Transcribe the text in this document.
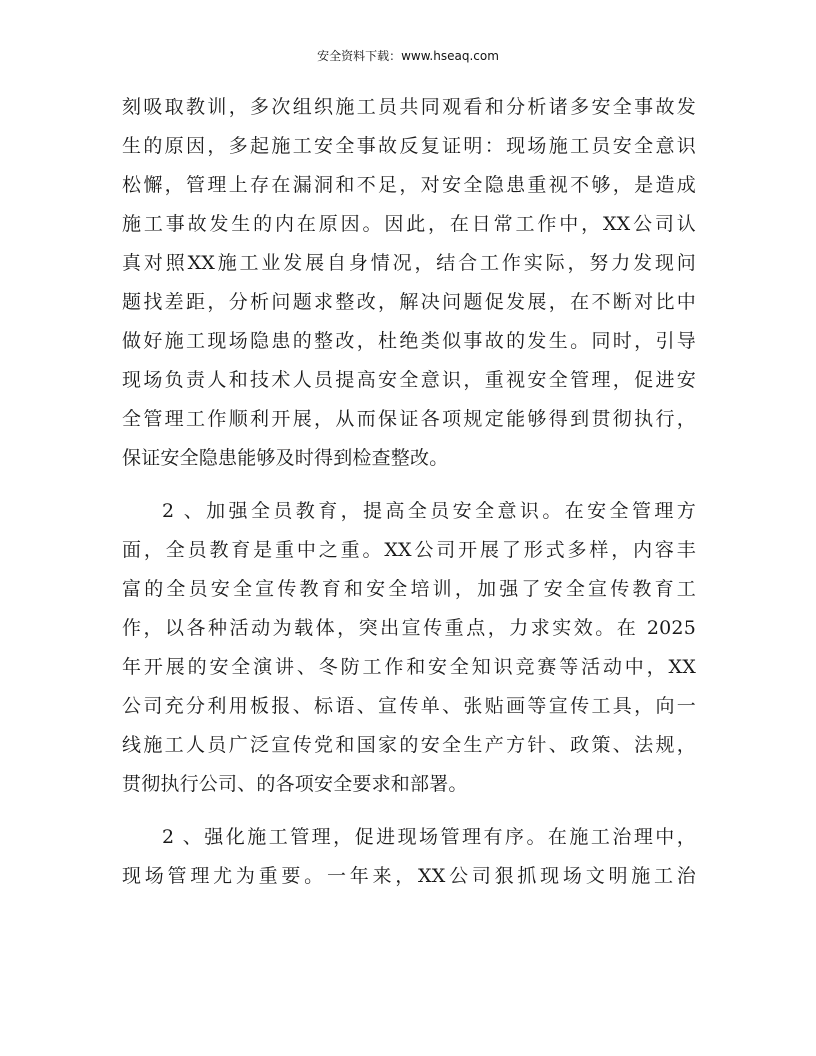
安全资料下载：www.hseaq.com
刻吸取教训，多次组织施工员共同观看和分析诸多安全事故发
生的原因，多起施工安全事故反复证明：现场施工员安全意识
松懈，管理上存在漏洞和不足，对安全隐患重视不够，是造成
施工事故发生的内在原因。因此，在日常工作中，XX公司认
真对照XX施工业发展自身情况，结合工作实际，努力发现问
题找差距，分析问题求整改，解决问题促发展，在不断对比中
做好施工现场隐患的整改，杜绝类似事故的发生。同时，引导
现场负责人和技术人员提高安全意识，重视安全管理，促进安
全管理工作顺利开展，从而保证各项规定能够得到贯彻执行，
保证安全隐患能够及时得到检查整改。
2 、加强全员教育，提高全员安全意识。在安全管理方
面，全员教育是重中之重。XX公司开展了形式多样，内容丰
富的全员安全宣传教育和安全培训，加强了安全宣传教育工
作，以各种活动为载体，突出宣传重点，力求实效。在 2025
年开展的安全演讲、冬防工作和安全知识竞赛等活动中，XX
公司充分利用板报、标语、宣传单、张贴画等宣传工具，向一
线施工人员广泛宣传党和国家的安全生产方针、政策、法规，
贯彻执行公司、的各项安全要求和部署。
2 、强化施工管理，促进现场管理有序。在施工治理中，
现场管理尤为重要。一年来，XX公司狠抓现场文明施工治
